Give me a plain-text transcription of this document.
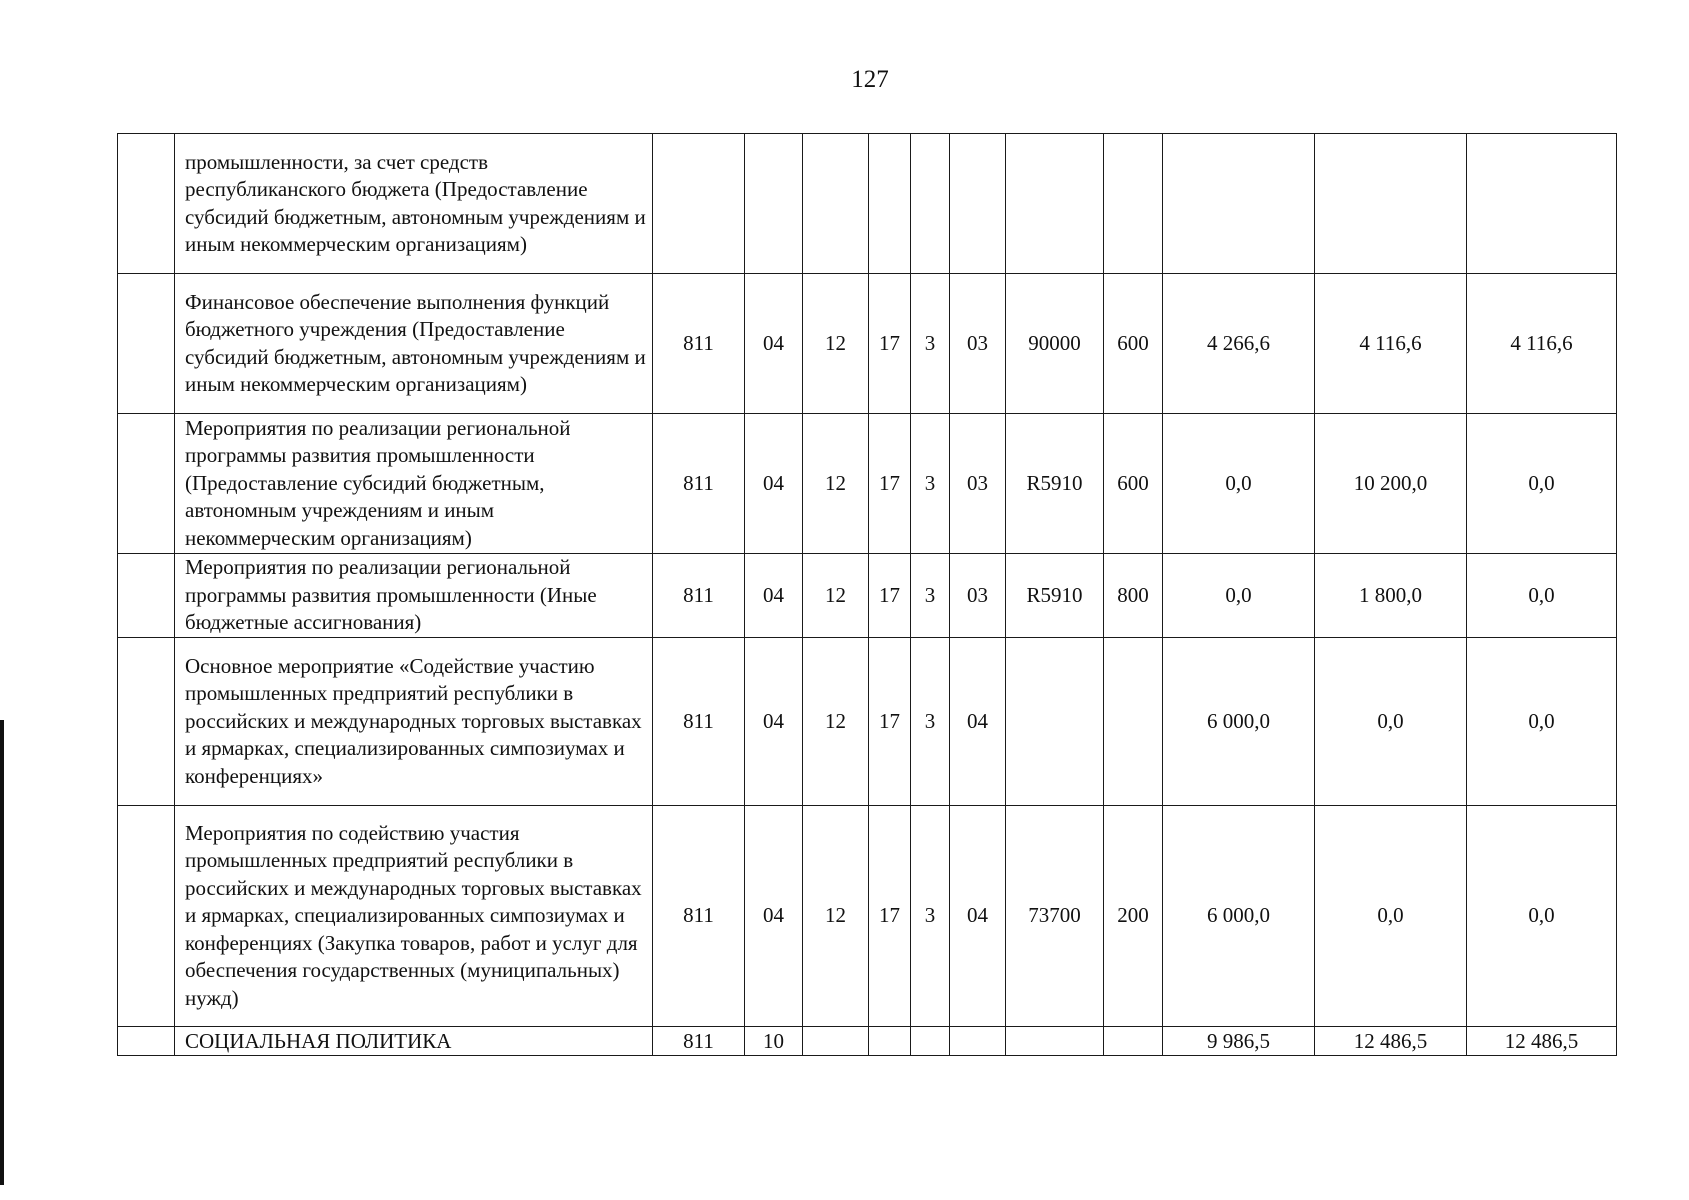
127
	промышленности, за счет средств республиканского бюджета (Предоставление субсидий бюджетным, автономным учреждениям и иным некоммерческим организациям)											
	Финансовое обеспечение выполнения функций бюджетного учреждения (Предоставление субсидий бюджетным, автономным учреждениям и иным некоммерческим организациям)	811	04	12	17	3	03	90000	600	4 266,6	4 116,6	4 116,6
	Мероприятия по реализации региональной программы развития промышленности (Предоставление субсидий бюджетным, автономным учреждениям и иным некоммерческим организациям)	811	04	12	17	3	03	R5910	600	0,0	10 200,0	0,0
	Мероприятия по реализации региональной программы развития промышленности (Иные бюджетные ассигнования)	811	04	12	17	3	03	R5910	800	0,0	1 800,0	0,0
	Основное мероприятие «Содействие участию промышленных предприятий республики в российских и международных торговых выставках и ярмарках, специализированных симпозиумах и конференциях»	811	04	12	17	3	04			6 000,0	0,0	0,0
	Мероприятия по содействию участия промышленных предприятий республики в российских и международных торговых выставках и ярмарках, специализированных симпозиумах и конференциях (Закупка товаров, работ и услуг для обеспечения государственных (муниципальных) нужд)	811	04	12	17	3	04	73700	200	6 000,0	0,0	0,0
	СОЦИАЛЬНАЯ ПОЛИТИКА	811	10							9 986,5	12 486,5	12 486,5
